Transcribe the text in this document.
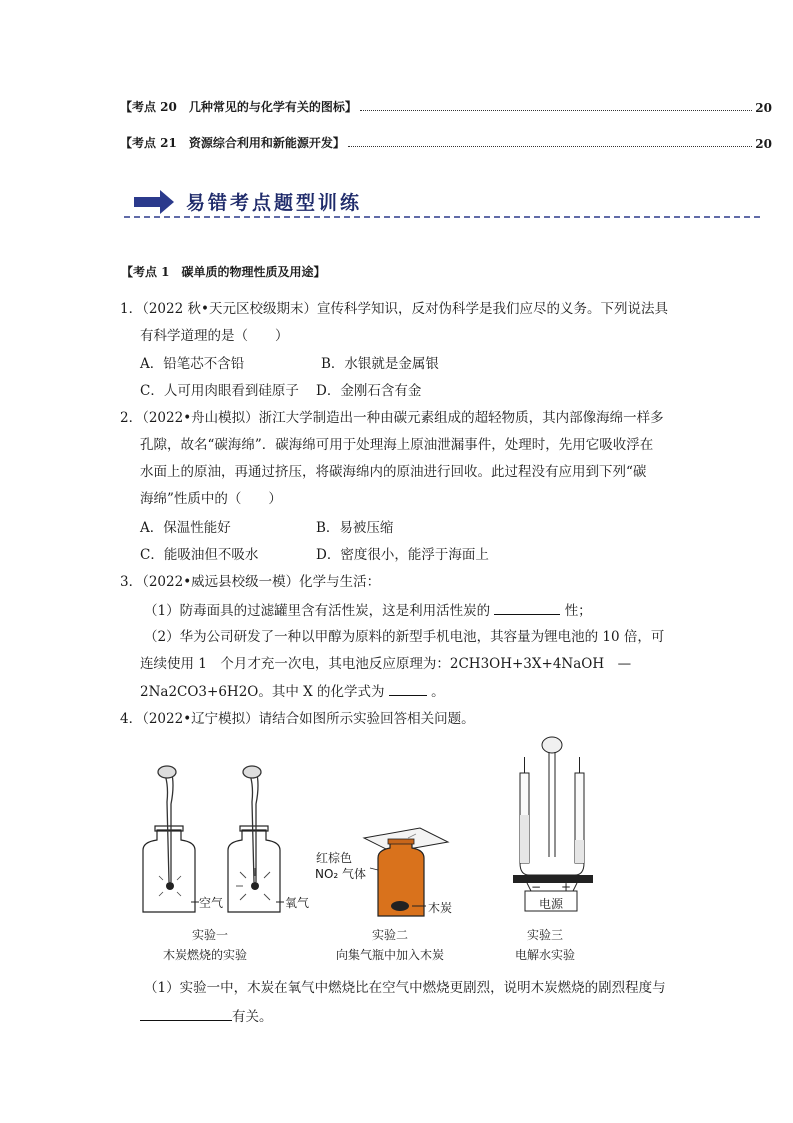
【考点 20　几种常见的与化学有关的图标】	20
【考点 21　资源综合利用和新能源开发】	20
易错考点题型训练
【考点 1　碳单质的物理性质及用途】
1．（2022 秋•天元区校级期末）宣传科学知识，反对伪科学是我们应尽的义务。下列说法具
有科学道理的是（　　）
A．铅笔芯不含铅	B．水银就是金属银
C．人可用肉眼看到硅原子 D．金刚石含有金
2．（2022•舟山模拟）浙江大学制造出一种由碳元素组成的超轻物质，其内部像海绵一样多
孔隙，故名“碳海绵”．碳海绵可用于处理海上原油泄漏事件，处理时，先用它吸收浮在
水面上的原油，再通过挤压，将碳海绵内的原油进行回收。此过程没有应用到下列“碳
海绵”性质中的（　　）
A．保温性能好	B．易被压缩
C．能吸油但不吸水	D．密度很小，能浮于海面上
3．（2022•威远县校级一模）化学与生活：
（1）防毒面具的过滤罐里含有活性炭，这是利用活性炭的	性；
（2）华为公司研发了一种以甲醇为原料的新型手机电池，其容量为锂电池的 10 倍，可
连续使用 1　个月才充一次电，其电池反应原理为：2CH3OH+3X+4NaOH　—
2Na2CO3+6H2O。其中 X 的化学式为	。
4．（2022•辽宁模拟）请结合如图所示实验回答相关问题。
空气	氧气
实验一
木炭燃烧的实验
红棕色
NO₂ 气体
木炭
实验二
向集气瓶中加入木炭
− +
电源
实验三
电解水实验
（1）实验一中，木炭在氧气中燃烧比在空气中燃烧更剧烈，说明木炭燃烧的剧烈程度与
有关。
